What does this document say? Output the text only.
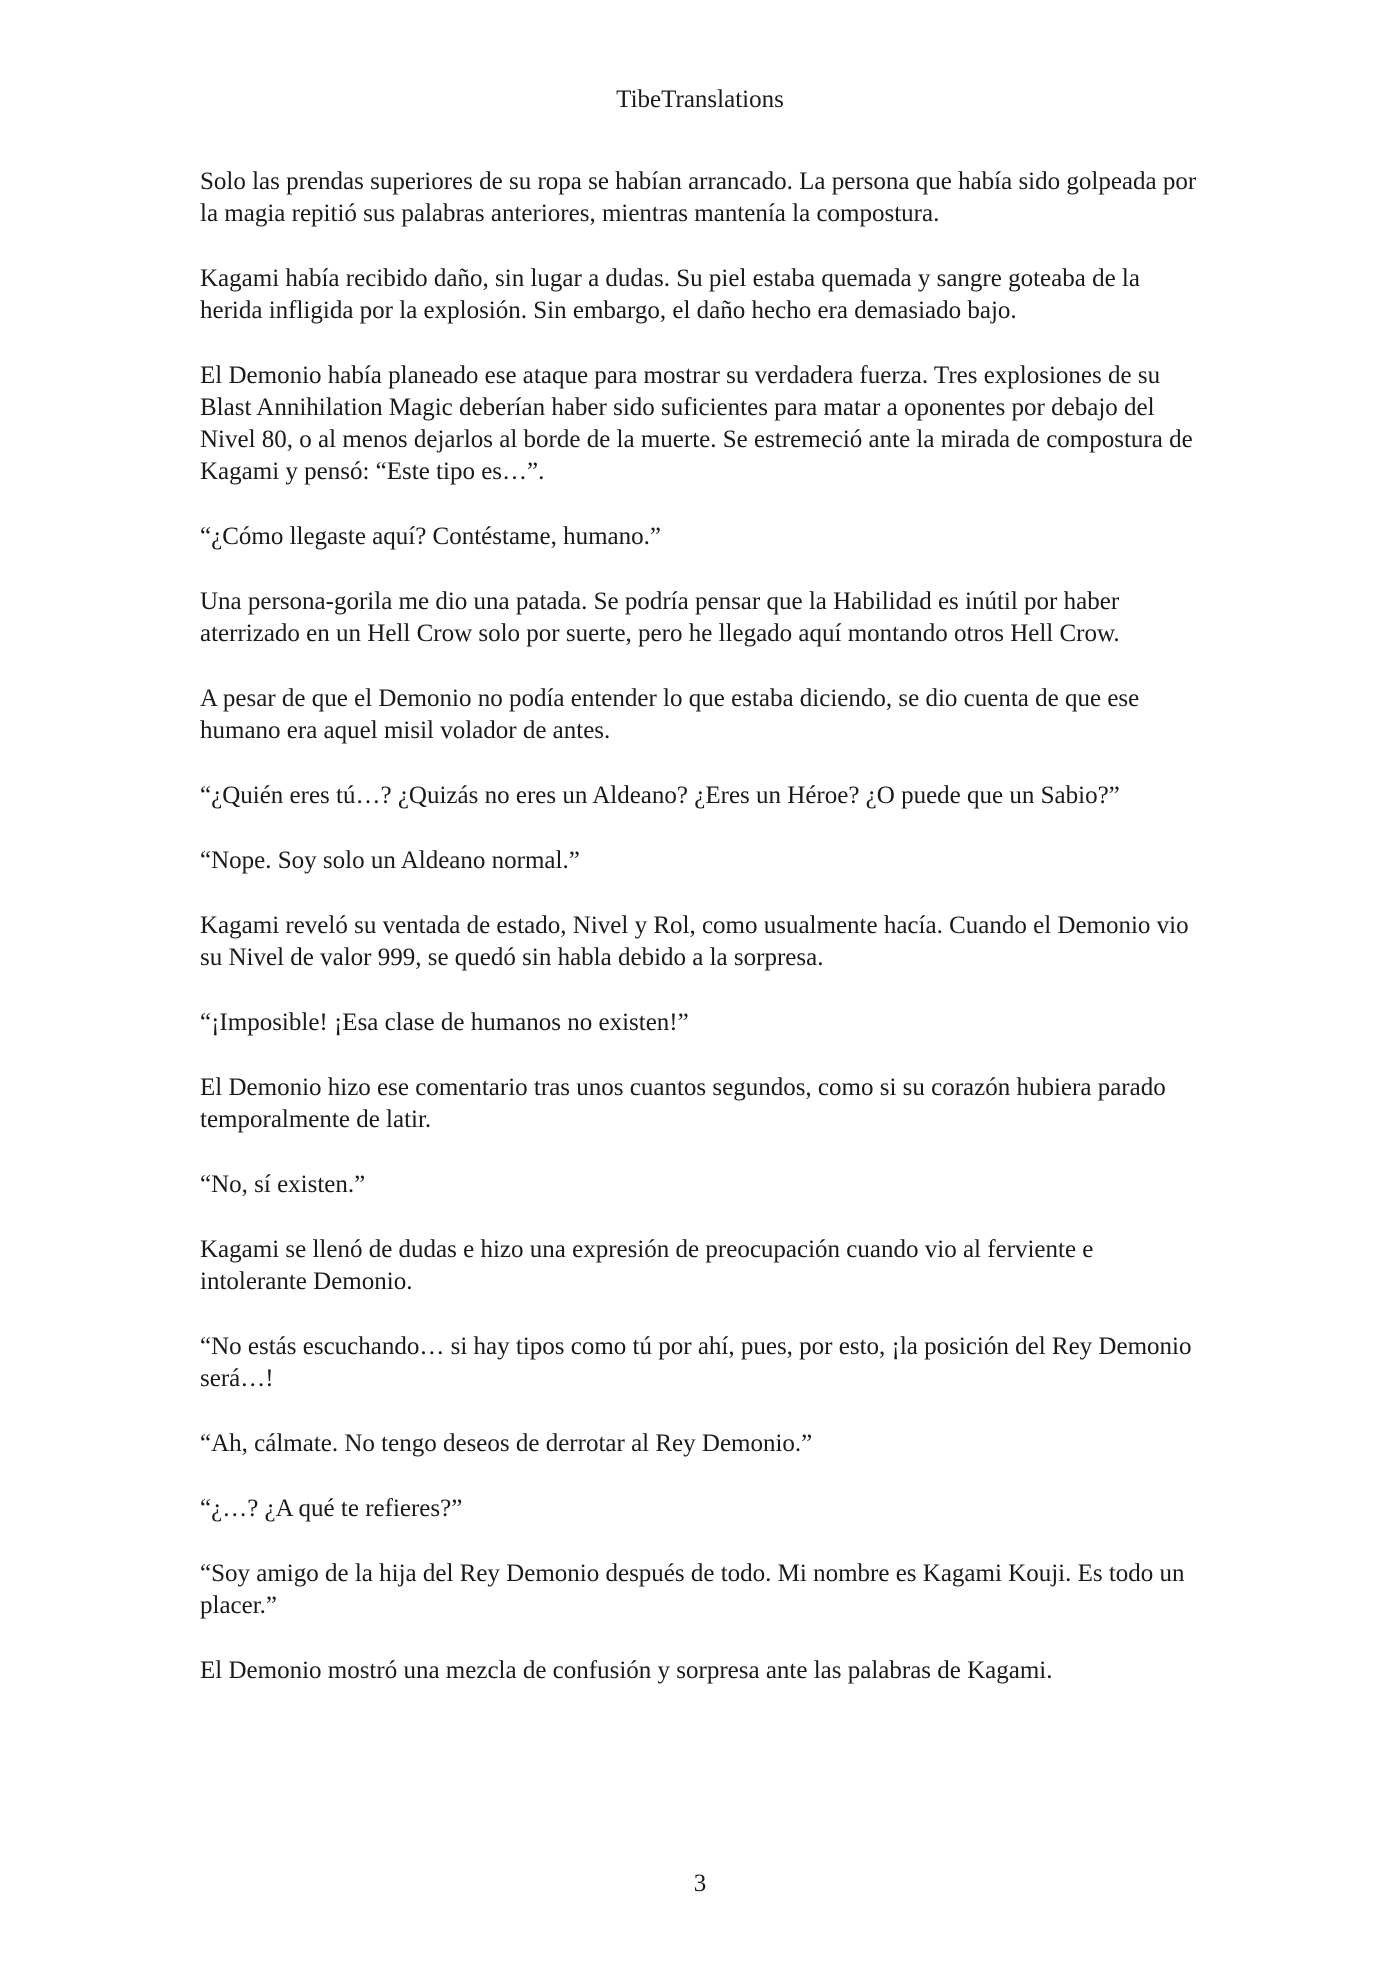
TibeTranslations

Solo las prendas superiores de su ropa se habían arrancado. La persona que había sido golpeada por la magia repitió sus palabras anteriores, mientras mantenía la compostura.

Kagami había recibido daño, sin lugar a dudas. Su piel estaba quemada y sangre goteaba de la herida infligida por la explosión. Sin embargo, el daño hecho era demasiado bajo.

El Demonio había planeado ese ataque para mostrar su verdadera fuerza. Tres explosiones de su Blast Annihilation Magic deberían haber sido suficientes para matar a oponentes por debajo del Nivel 80, o al menos dejarlos al borde de la muerte. Se estremeció ante la mirada de compostura de Kagami y pensó: “Este tipo es…”.

“¿Cómo llegaste aquí? Contéstame, humano.”

Una persona-gorila me dio una patada. Se podría pensar que la Habilidad es inútil por haber aterrizado en un Hell Crow solo por suerte, pero he llegado aquí montando otros Hell Crow.

A pesar de que el Demonio no podía entender lo que estaba diciendo, se dio cuenta de que ese humano era aquel misil volador de antes.

“¿Quién eres tú…? ¿Quizás no eres un Aldeano? ¿Eres un Héroe? ¿O puede que un Sabio?”

“Nope. Soy solo un Aldeano normal.”

Kagami reveló su ventada de estado, Nivel y Rol, como usualmente hacía. Cuando el Demonio vio su Nivel de valor 999, se quedó sin habla debido a la sorpresa.

“¡Imposible! ¡Esa clase de humanos no existen!”

El Demonio hizo ese comentario tras unos cuantos segundos, como si su corazón hubiera parado temporalmente de latir.

“No, sí existen.”

Kagami se llenó de dudas e hizo una expresión de preocupación cuando vio al ferviente e intolerante Demonio.

“No estás escuchando… si hay tipos como tú por ahí, pues, por esto, ¡la posición del Rey Demonio será…!

“Ah, cálmate. No tengo deseos de derrotar al Rey Demonio.”

“¿…? ¿A qué te refieres?”

“Soy amigo de la hija del Rey Demonio después de todo. Mi nombre es Kagami Kouji. Es todo un placer.”

El Demonio mostró una mezcla de confusión y sorpresa ante las palabras de Kagami.

3
